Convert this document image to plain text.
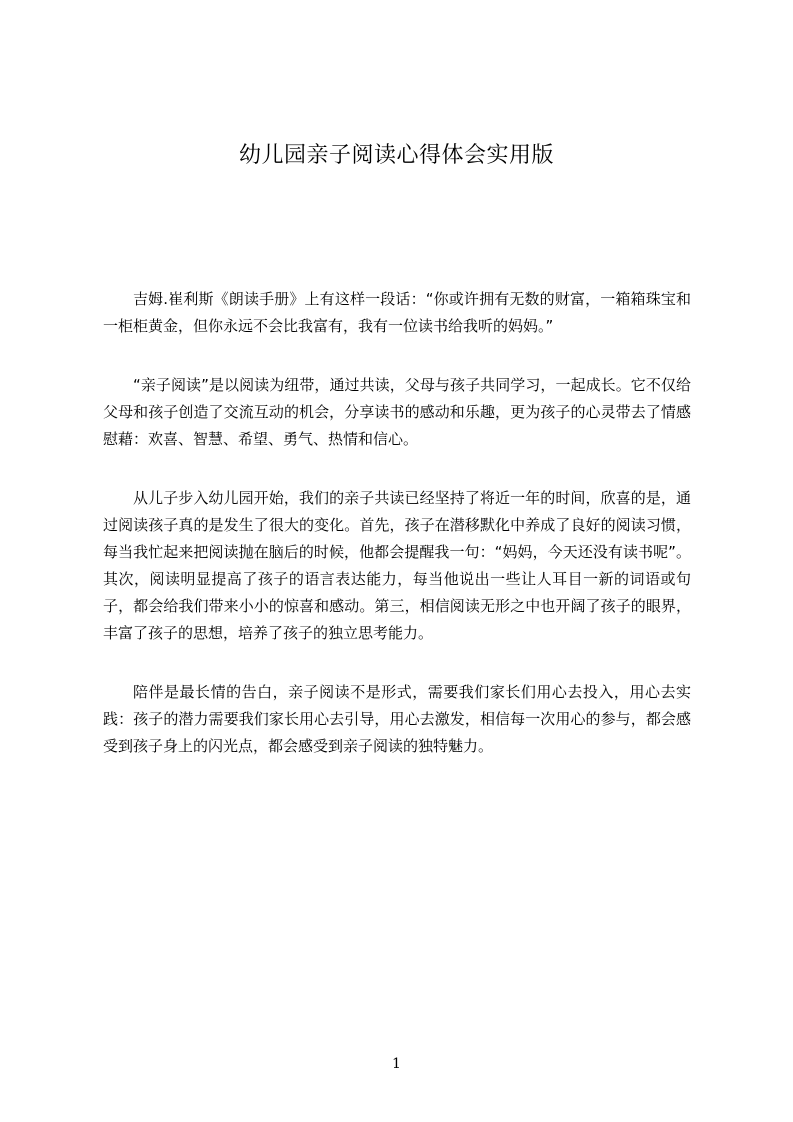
幼儿园亲子阅读心得体会实用版

吉姆.崔利斯《朗读手册》上有这样一段话：“你或许拥有无数的财富，一箱箱珠宝和一柜柜黄金，但你永远不会比我富有，我有一位读书给我听的妈妈。”

“亲子阅读”是以阅读为纽带，通过共读，父母与孩子共同学习，一起成长。它不仅给父母和孩子创造了交流互动的机会，分享读书的感动和乐趣，更为孩子的心灵带去了情感慰藉：欢喜、智慧、希望、勇气、热情和信心。

从儿子步入幼儿园开始，我们的亲子共读已经坚持了将近一年的时间，欣喜的是，通过阅读孩子真的是发生了很大的变化。首先，孩子在潜移默化中养成了良好的阅读习惯，每当我忙起来把阅读抛在脑后的时候，他都会提醒我一句：“妈妈，今天还没有读书呢”。其次，阅读明显提高了孩子的语言表达能力，每当他说出一些让人耳目一新的词语或句子，都会给我们带来小小的惊喜和感动。第三，相信阅读无形之中也开阔了孩子的眼界，丰富了孩子的思想，培养了孩子的独立思考能力。

陪伴是最长情的告白，亲子阅读不是形式，需要我们家长们用心去投入，用心去实践：孩子的潜力需要我们家长用心去引导，用心去激发，相信每一次用心的参与，都会感受到孩子身上的闪光点，都会感受到亲子阅读的独特魅力。

1
